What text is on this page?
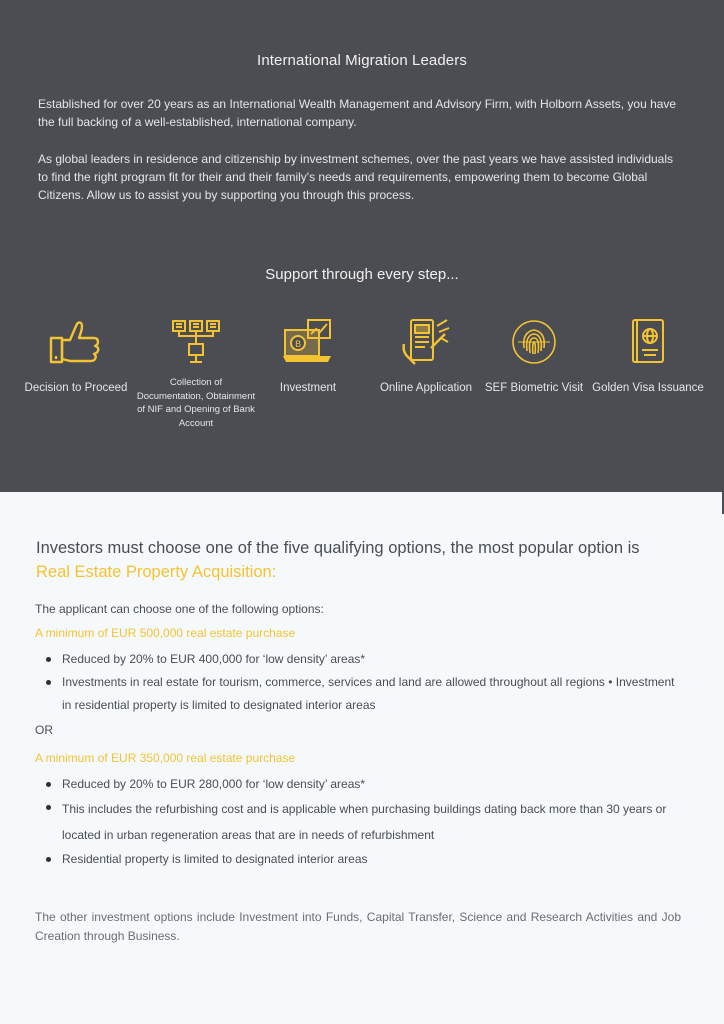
International Migration Leaders
Established for over 20 years as an International Wealth Management and Advisory Firm, with Holborn Assets, you have the full backing of a well-established, international company.
As global leaders in residence and citizenship by investment schemes, over the past years we have assisted individuals to find the right program fit for their and their family's needs and requirements, empowering them to become Global Citizens. Allow us to assist you by supporting you through this process.
Support through every step...
Decision to Proceed	Collection of Documentation, Obtainment of NIF and Opening of Bank Account
B
Investment	Online Application	SEF Biometric Visit Golden Visa Issuance
Investors must choose one of the five qualifying options, the most popular option is
Real Estate Property Acquisition:
The applicant can choose one of the following options:
A minimum of EUR 500,000 real estate purchase
Reduced by 20% to EUR 400,000 for ‘low density’ areas*
Investments in real estate for tourism, commerce, services and land are allowed throughout all regions • Investment in residential property is limited to designated interior areas
OR
A minimum of EUR 350,000 real estate purchase
Reduced by 20% to EUR 280,000 for ‘low density’ areas*
This includes the refurbishing cost and is applicable when purchasing buildings dating back more than 30 years or located in urban regeneration areas that are in needs of refurbishment
Residential property is limited to designated interior areas
The other investment options include Investment into Funds, Capital Transfer, Science and Research Activities and Job Creation through Business.
